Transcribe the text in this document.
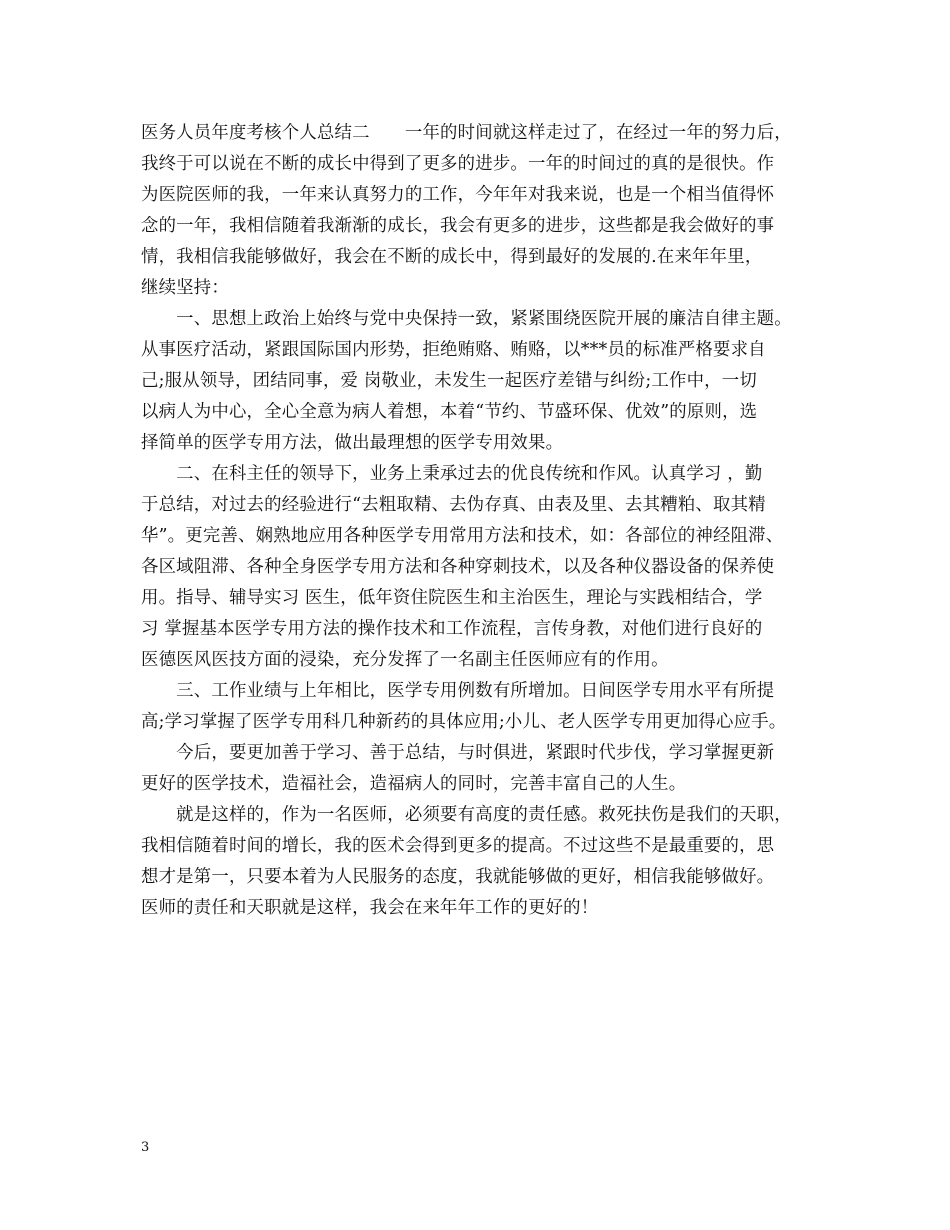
医务人员年度考核个人总结二　　一年的时间就这样走过了，在经过一年的努力后，
我终于可以说在不断的成长中得到了更多的进步。一年的时间过的真的是很快。作
为医院医师的我，一年来认真努力的工作，今年年对我来说，也是一个相当值得怀
念的一年，我相信随着我渐渐的成长，我会有更多的进步，这些都是我会做好的事
情，我相信我能够做好，我会在不断的成长中，得到最好的发展的.在来年年里，
继续坚持：
　　一、思想上政治上始终与党中央保持一致，紧紧围绕医院开展的廉洁自律主题。
从事医疗活动，紧跟国际国内形势，拒绝贿赂、贿赂，以***员的标准严格要求自
己;服从领导，团结同事，爱 岗敬业，未发生一起医疗差错与纠纷;工作中，一切
以病人为中心，全心全意为病人着想，本着“节约、节盛环保、优效”的原则，选
择简单的医学专用方法，做出最理想的医学专用效果。
　　二、在科主任的领导下，业务上秉承过去的优良传统和作风。认真学习 ，勤
于总结，对过去的经验进行“去粗取精、去伪存真、由表及里、去其糟粕、取其精
华”。更完善、娴熟地应用各种医学专用常用方法和技术，如：各部位的神经阻滞、
各区域阻滞、各种全身医学专用方法和各种穿刺技术，以及各种仪器设备的保养使
用。指导、辅导实习 医生，低年资住院医生和主治医生，理论与实践相结合，学
习 掌握基本医学专用方法的操作技术和工作流程，言传身教，对他们进行良好的
医德医风医技方面的浸染，充分发挥了一名副主任医师应有的作用。
　　三、工作业绩与上年相比，医学专用例数有所增加。日间医学专用水平有所提
高;学习掌握了医学专用科几种新药的具体应用;小儿、老人医学专用更加得心应手。
　　今后，要更加善于学习、善于总结，与时俱进，紧跟时代步伐，学习掌握更新
更好的医学技术，造福社会，造福病人的同时，完善丰富自己的人生。
　　就是这样的，作为一名医师，必须要有高度的责任感。救死扶伤是我们的天职，
我相信随着时间的增长，我的医术会得到更多的提高。不过这些不是最重要的，思
想才是第一，只要本着为人民服务的态度，我就能够做的更好，相信我能够做好。
医师的责任和天职就是这样，我会在来年年工作的更好的！
3
